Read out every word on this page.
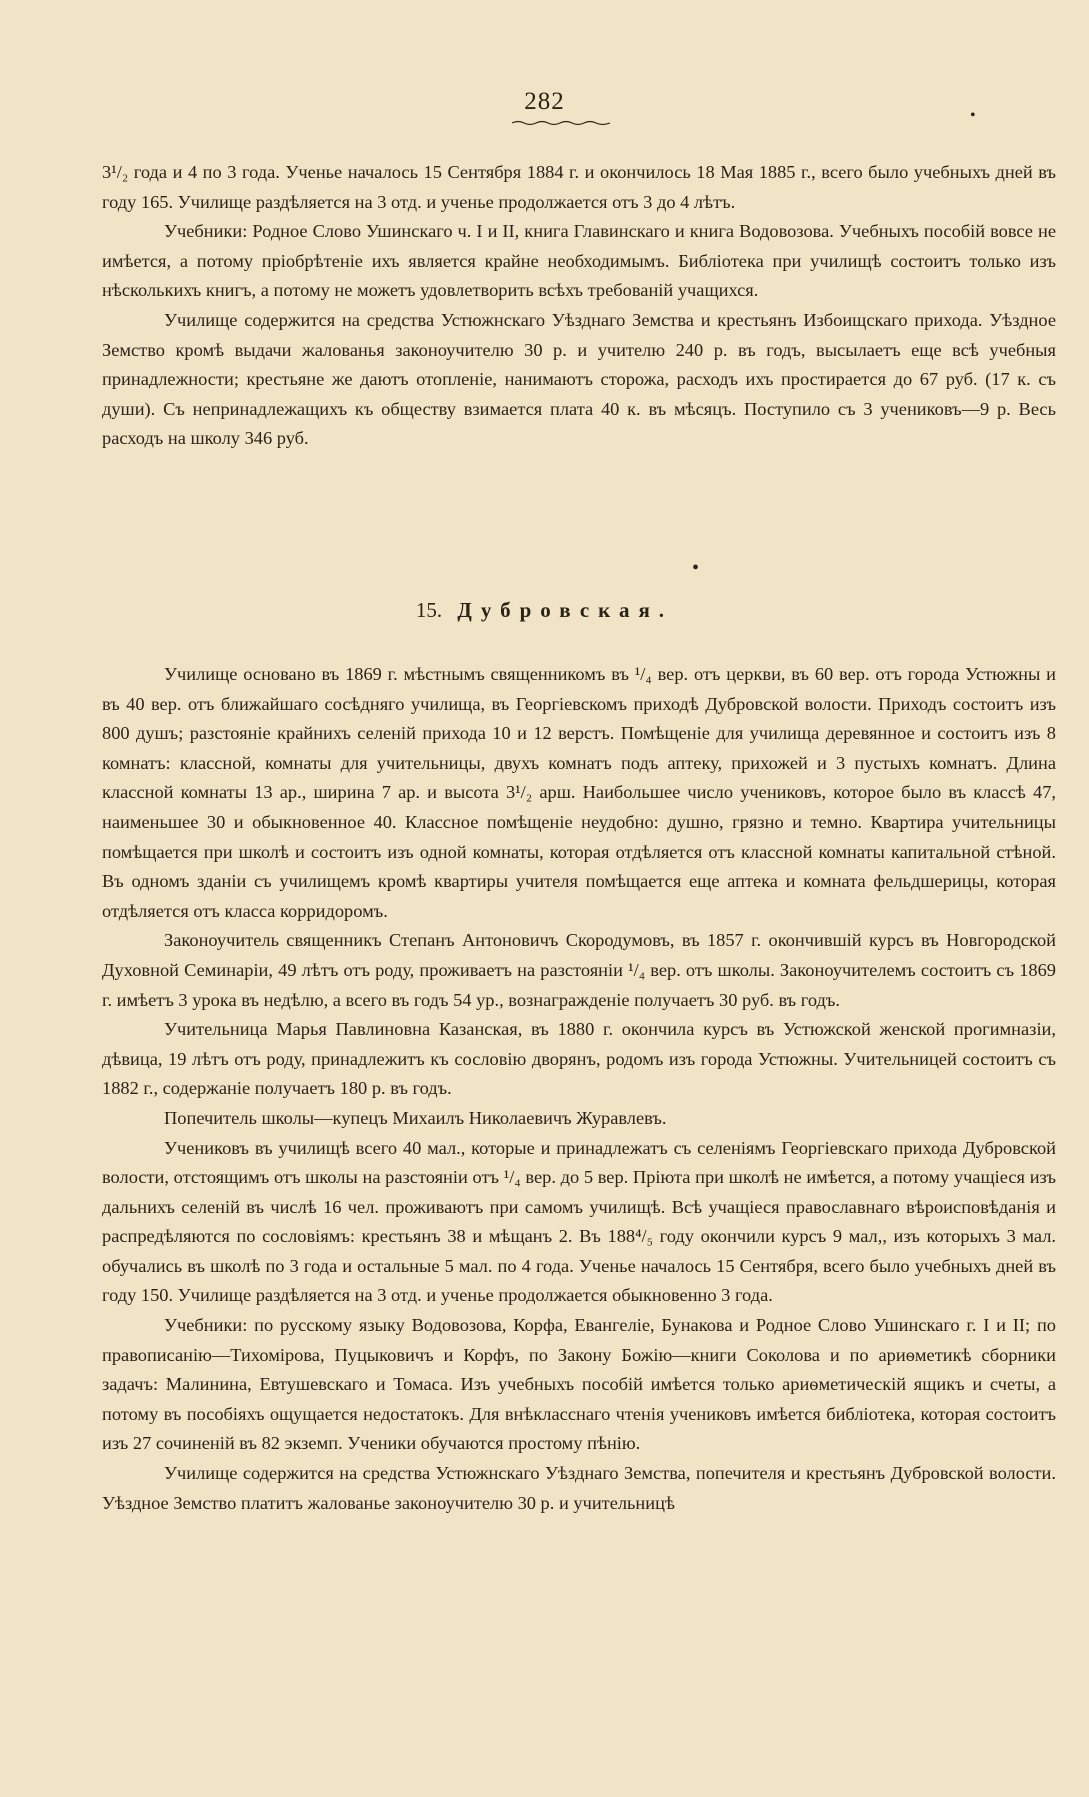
282
•

3¹/₂ года и 4 по 3 года. Ученье началось 15 Сентября 1884 г. и окончилось 18 Мая 1885 г., всего было учебныхъ дней въ году 165. Училище раздѣляется на 3 отд. и ученье продолжается отъ 3 до 4 лѣтъ.

Учебники: Родное Слово Ушинскаго ч. I и II, книга Главинскаго и книга Водовозова. Учебныхъ пособій вовсе не имѣется, а потому пріобрѣтеніе ихъ является крайне необходимымъ. Библіотека при училищѣ состоитъ только изъ нѣсколькихъ книгъ, а потому не можетъ удовлетворить всѣхъ требованій учащихся.

Училище содержится на средства Устюжнскаго Уѣзднаго Земства и крестьянъ Избоищскаго прихода. Уѣздное Земство кромѣ выдачи жалованья законоучителю 30 р. и учителю 240 р. въ годъ, высылаетъ еще всѣ учебныя принадлежности; крестьяне же даютъ отопленіе, нанимаютъ сторожа, расходъ ихъ простирается до 67 руб. (17 к. съ души). Съ непринадлежащихъ къ обществу взимается плата 40 к. въ мѣсяцъ. Поступило съ 3 учениковъ—9 р. Весь расходъ на школу 346 руб.

•
15. Дубровская.

Училище основано въ 1869 г. мѣстнымъ священникомъ въ ¹/₄ вер. отъ церкви, въ 60 вер. отъ города Устюжны и въ 40 вер. отъ ближайшаго сосѣдняго училища, въ Георгіевскомъ приходѣ Дубровской волости. Приходъ состоитъ изъ 800 душъ; разстояніе крайнихъ селеній прихода 10 и 12 верстъ. Помѣщеніе для училища деревянное и состоитъ изъ 8 комнатъ: классной, комнаты для учительницы, двухъ комнатъ подъ аптеку, прихожей и 3 пустыхъ комнатъ. Длина классной комнаты 13 ар., ширина 7 ар. и высота 3¹/₂ арш. Наибольшее число учениковъ, которое было въ классѣ 47, наименьшее 30 и обыкновенное 40. Классное помѣщеніе неудобно: душно, грязно и темно. Квартира учительницы помѣщается при школѣ и состоитъ изъ одной комнаты, которая отдѣляется отъ классной комнаты капитальной стѣной. Въ одномъ зданіи съ училищемъ кромѣ квартиры учителя помѣщается еще аптека и комната фельдшерицы, которая отдѣляется отъ класса корридоромъ.

Законоучитель священникъ Степанъ Антоновичъ Скородумовъ, въ 1857 г. окончившій курсъ въ Новгородской Духовной Семинаріи, 49 лѣтъ отъ роду, проживаетъ на разстояніи ¹/₄ вер. отъ школы. Законоучителемъ состоитъ съ 1869 г. имѣетъ 3 урока въ недѣлю, а всего въ годъ 54 ур., вознагражденіе получаетъ 30 руб. въ годъ.

Учительница Марья Павлиновна Казанская, въ 1880 г. окончила курсъ въ Устюжской женской прогимназіи, дѣвица, 19 лѣтъ отъ роду, принадлежитъ къ сословію дворянъ, родомъ изъ города Устюжны. Учительницей состоитъ съ 1882 г., содержаніе получаетъ 180 р. въ годъ.

Попечитель школы—купецъ Михаилъ Николаевичъ Журавлевъ.

Учениковъ въ училищѣ всего 40 мал., которые и принадлежатъ съ селеніямъ Георгіевскаго прихода Дубровской волости, отстоящимъ отъ школы на разстояніи отъ ¹/₄ вер. до 5 вер. Пріюта при школѣ не имѣется, а потому учащіеся изъ дальнихъ селеній въ числѣ 16 чел. проживаютъ при самомъ училищѣ. Всѣ учащіеся православнаго вѣроисповѣданія и распредѣляются по сословіямъ: крестьянъ 38 и мѣщанъ 2. Въ 188⁴/₅ году окончили курсъ 9 мал,, изъ которыхъ 3 мал. обучались въ школѣ по 3 года и остальные 5 мал. по 4 года. Ученье началось 15 Сентября, всего было учебныхъ дней въ году 150. Училище раздѣляется на 3 отд. и ученье продолжается обыкновенно 3 года.

Учебники: по русскому языку Водовозова, Корфа, Евангеліе, Бунакова и Родное Слово Ушинскаго г. I и II; по правописанію—Тихомірова, Пуцыковичъ и Корфъ, по Закону Божію—книги Соколова и по ариѳметикѣ сборники задачъ: Малинина, Евтушевскаго и Томаса. Изъ учебныхъ пособій имѣется только ариѳметическій ящикъ и счеты, а потому въ пособіяхъ ощущается недостатокъ. Для внѣкласснаго чтенія учениковъ имѣется библіотека, которая состоитъ изъ 27 сочиненій въ 82 экземп. Ученики обучаются простому пѣнію.

Училище содержится на средства Устюжнскаго Уѣзднаго Земства, попечителя и крестьянъ Дубровской волости. Уѣздное Земство платитъ жалованье законоучителю 30 р. и учительницѣ
